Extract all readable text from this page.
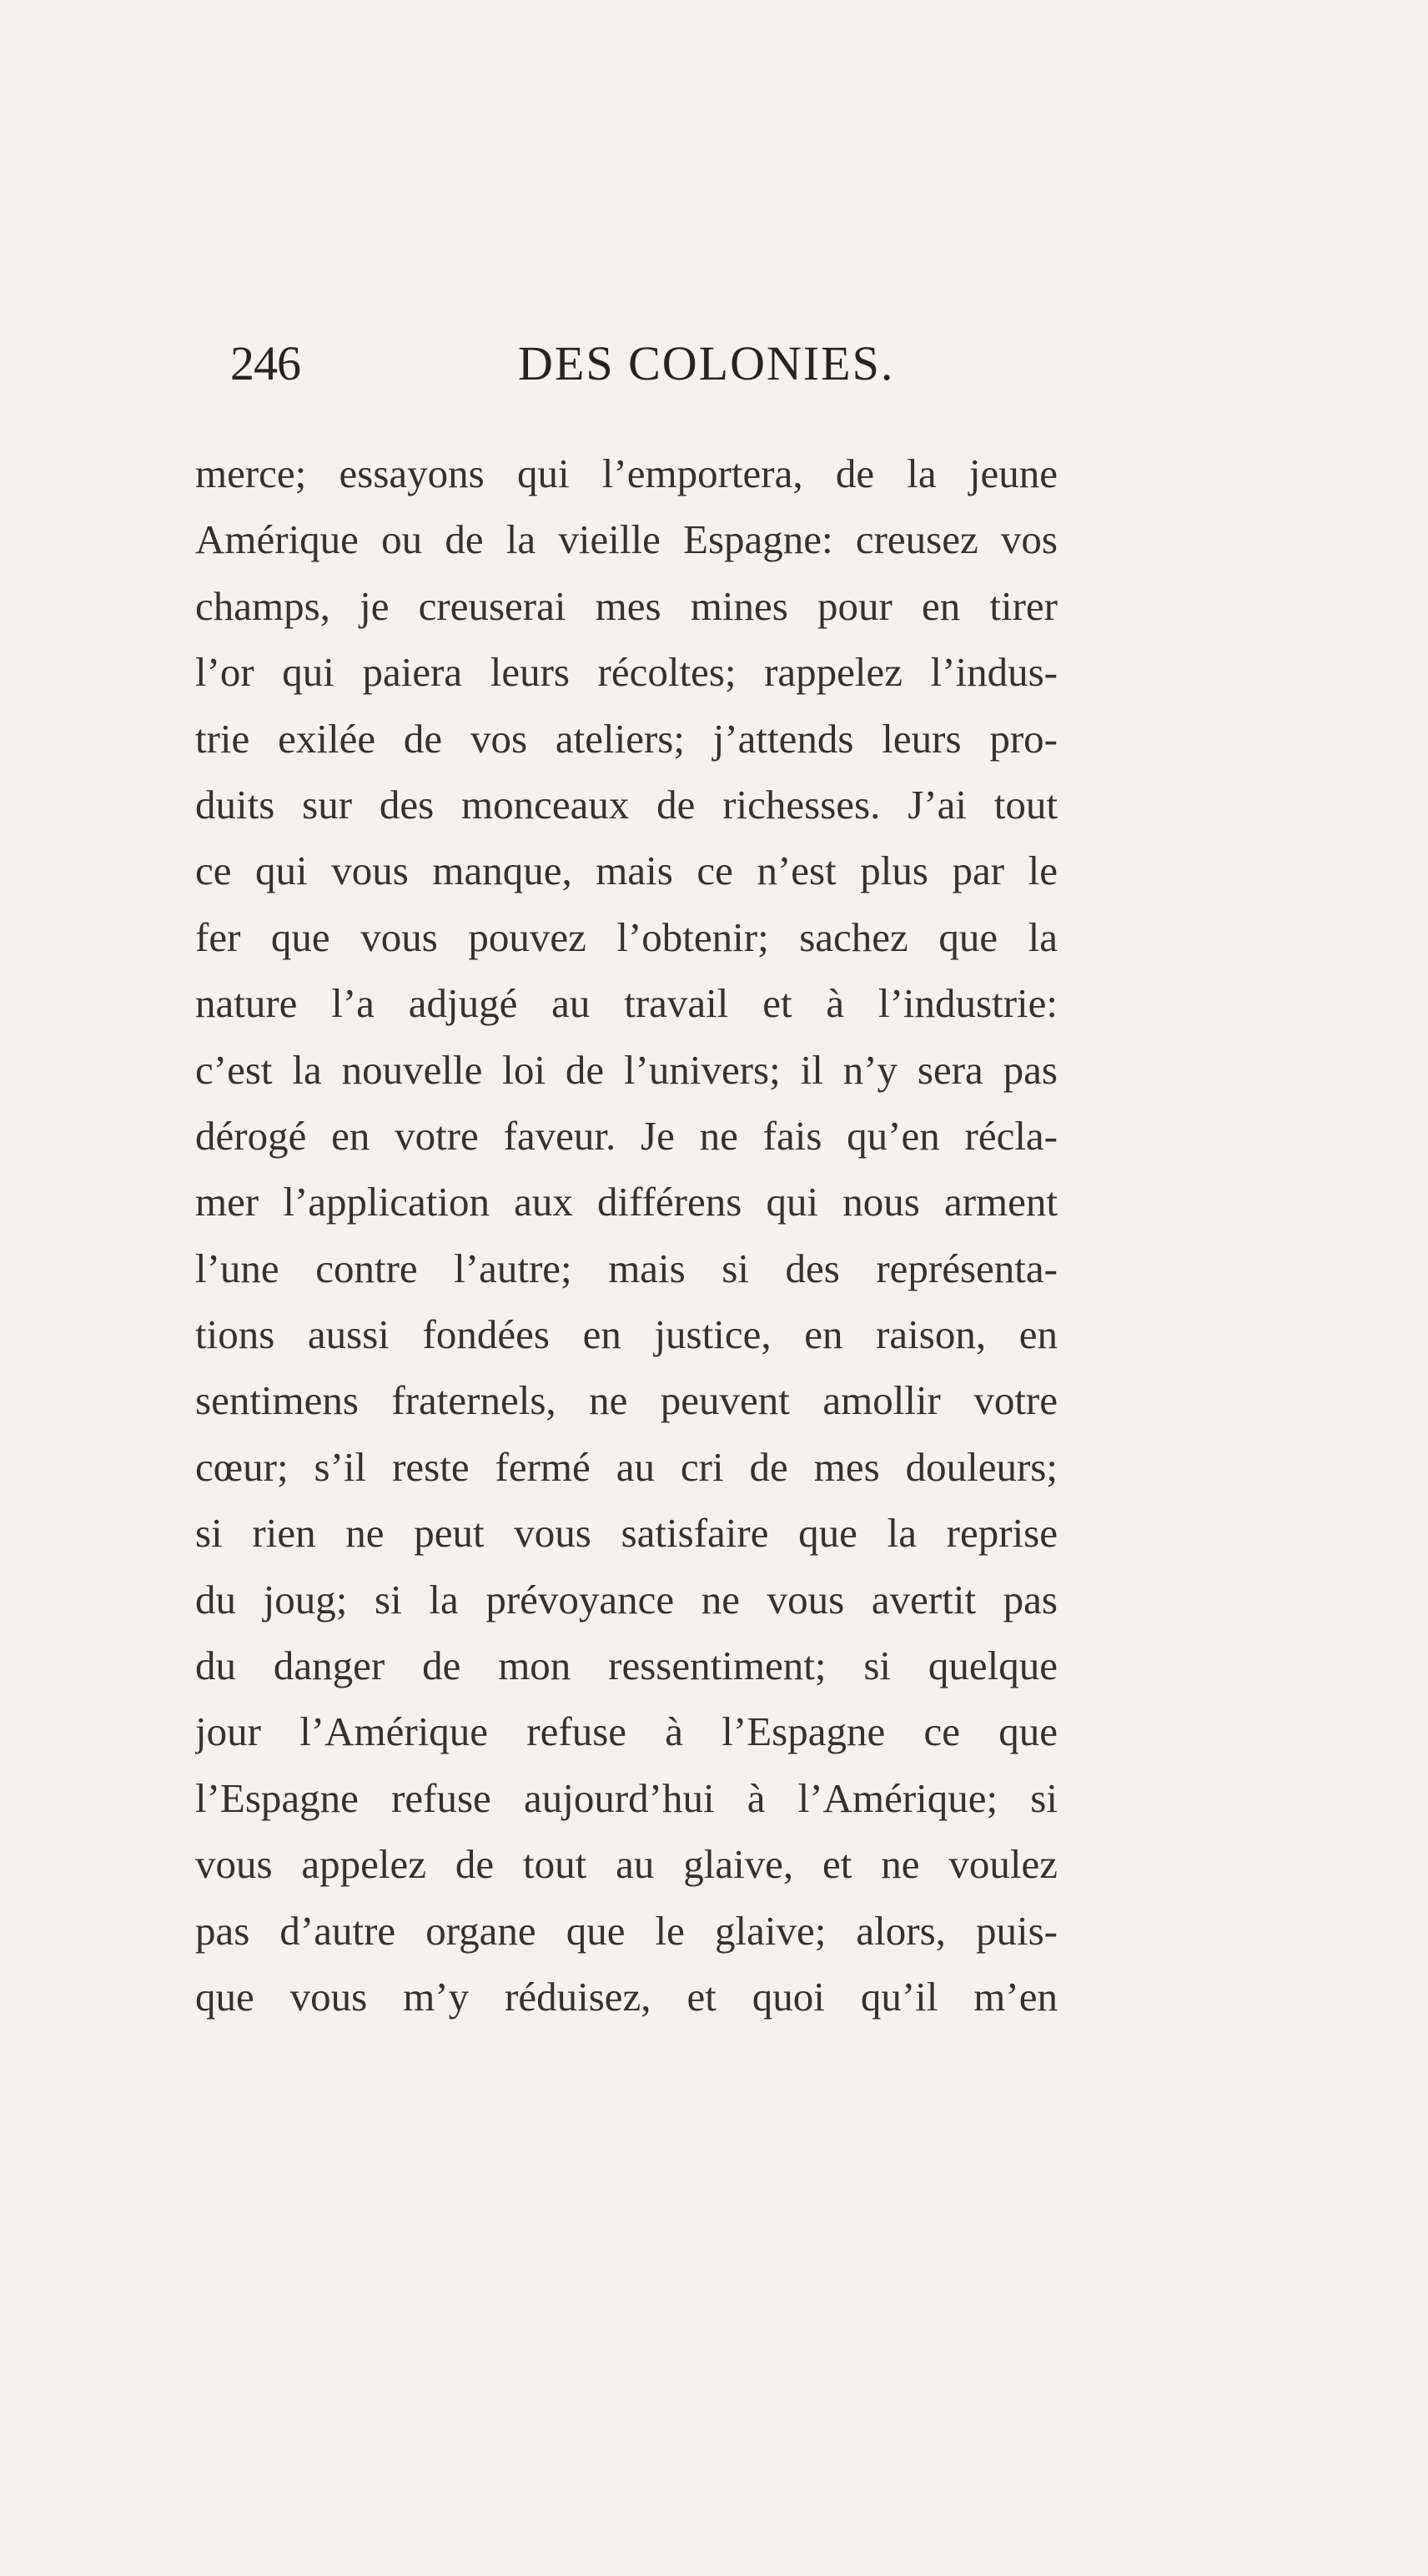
246	DES COLONIES.
merce; essayons qui l’emportera, de la jeune
Amérique ou de la vieille Espagne: creusez vos
champs, je creuserai mes mines pour en tirer
l’or qui paiera leurs récoltes; rappelez l’indus-
trie exilée de vos ateliers; j’attends leurs pro-
duits sur des monceaux de richesses. J’ai tout
ce qui vous manque, mais ce n’est plus par le
fer que vous pouvez l’obtenir; sachez que la
nature l’a adjugé au travail et à l’industrie:
c’est la nouvelle loi de l’univers; il n’y sera pas
dérogé en votre faveur. Je ne fais qu’en récla-
mer l’application aux différens qui nous arment
l’une contre l’autre; mais si des représenta-
tions aussi fondées en justice, en raison, en
sentimens fraternels, ne peuvent amollir votre
cœur; s’il reste fermé au cri de mes douleurs;
si rien ne peut vous satisfaire que la reprise
du joug; si la prévoyance ne vous avertit pas
du danger de mon ressentiment; si quelque
jour l’Amérique refuse à l’Espagne ce que
l’Espagne refuse aujourd’hui à l’Amérique; si
vous appelez de tout au glaive, et ne voulez
pas d’autre organe que le glaive; alors, puis-
que vous m’y réduisez, et quoi qu’il m’en
